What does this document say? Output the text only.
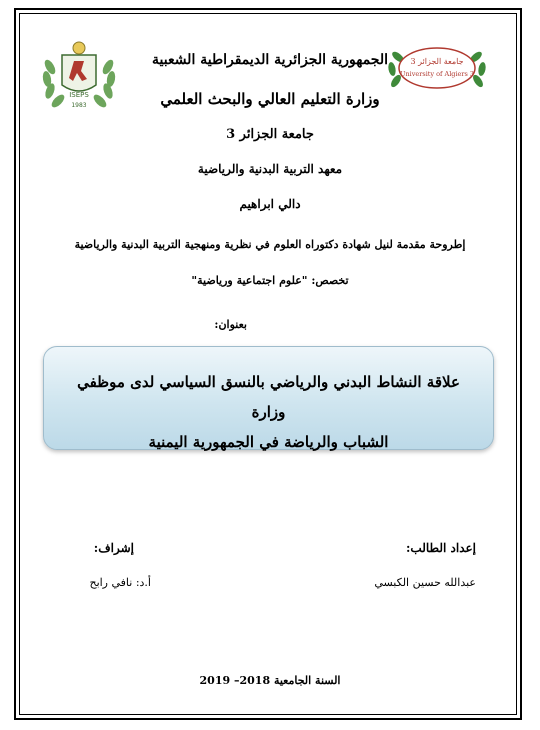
ISEPS
1983
جامعة الجزائر 3
University of Algiers 3
الجمهورية الجزائرية الديمقراطية الشعبية
وزارة التعليم العالي والبحث العلمي
جامعة الجزائر 3
معهد التربية البدنية والرياضية
دالي ابراهيم
إطروحة مقدمة لنيل شهادة دكتوراه العلوم في نظرية ومنهجية التربية البدنية والرياضية
تخصص: "علوم اجتماعية ورياضية"
بعنوان:
علاقة النشاط البدني والرياضي بالنسق السياسي لدى موظفي وزارة
الشباب والرياضة في الجمهورية اليمنية
إعداد الطالب:
إشراف:
عبدالله حسين الكبسي
أ.د: نافي رابح
السنة الجامعية 2018– 2019
